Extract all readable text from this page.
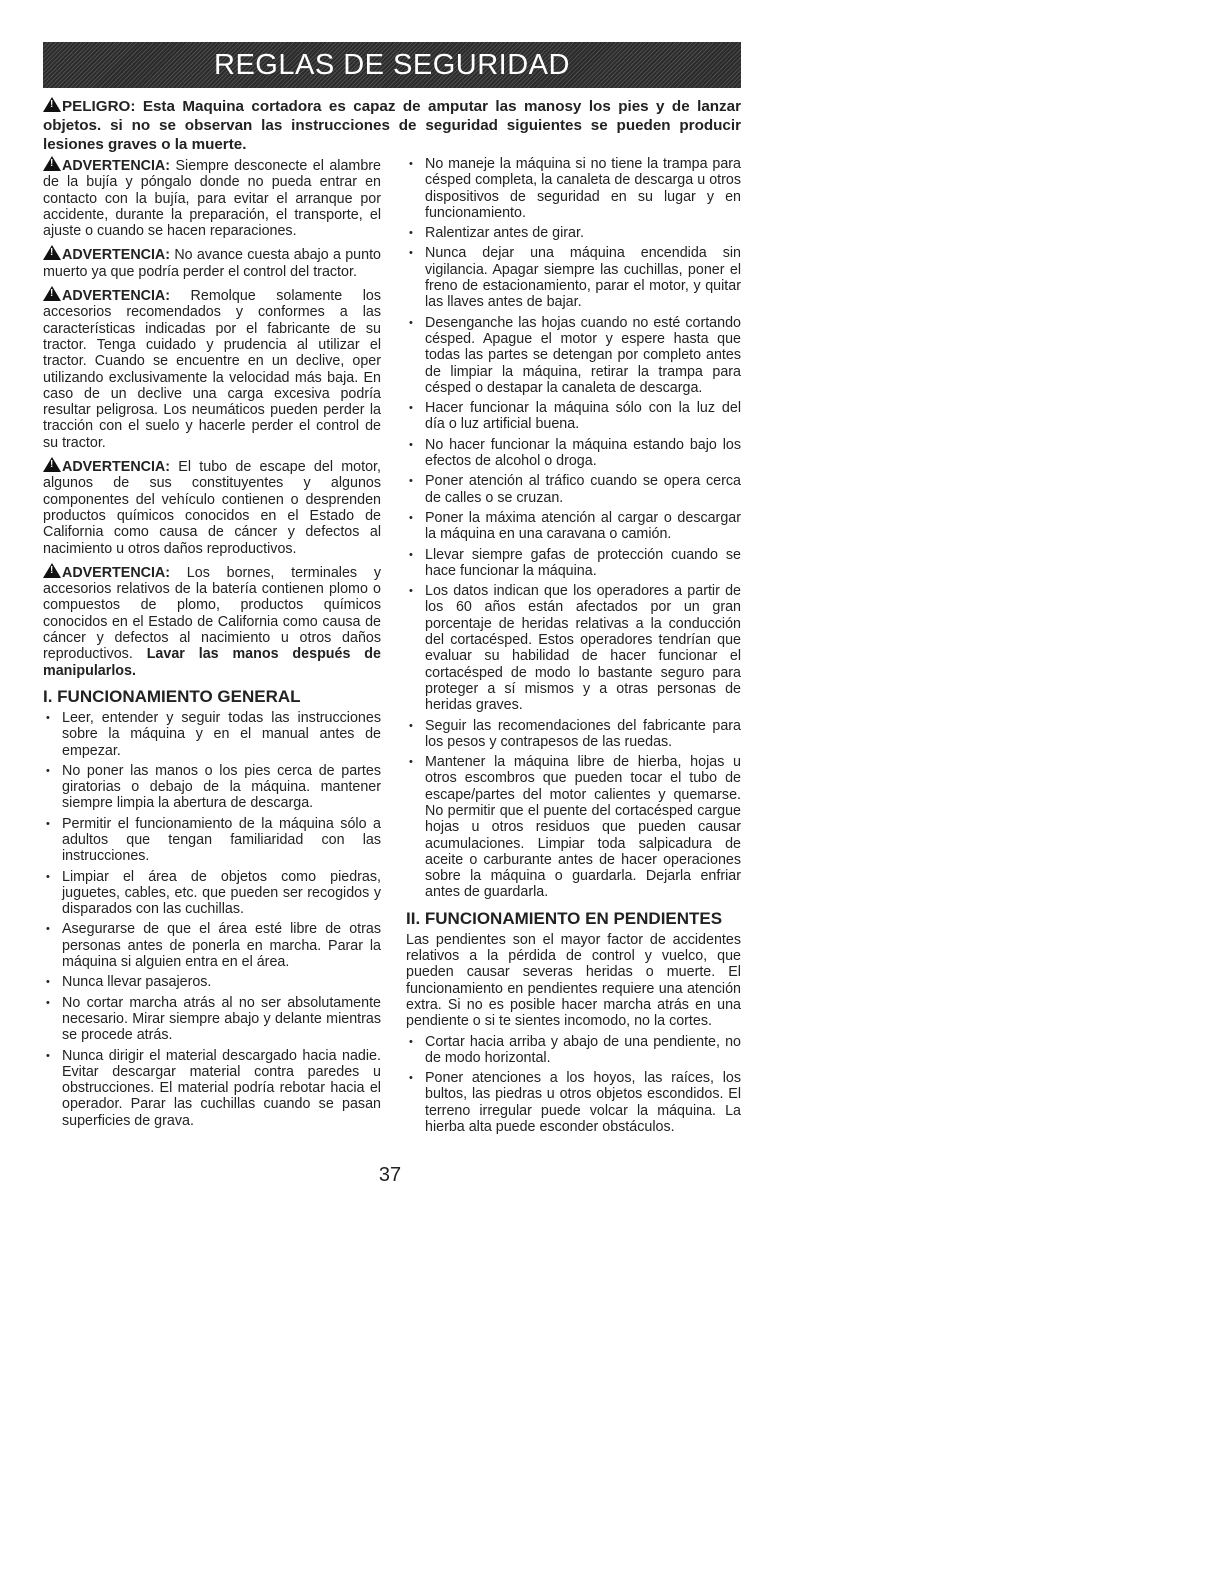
REGLAS DE SEGURIDAD

!PELIGRO: Esta Maquina cortadora es capaz de amputar las manosy los pies y de lanzar objetos. si no se observan las instrucciones de seguridad siguientes se pueden producir lesiones graves o la muerte.

!ADVERTENCIA: Siempre desconecte el alambre de la bujía y póngalo donde no pueda entrar en contacto con la bujía, para evitar el arranque por accidente, durante la preparación, el transporte, el ajuste o cuando se hacen reparaciones.

!ADVERTENCIA: No avance cuesta abajo a punto muerto ya que podría perder el control del tractor.

!ADVERTENCIA: Remolque solamente los accesorios recomendados y conformes a las características indicadas por el fabricante de su tractor. Tenga cuidado y prudencia al utilizar el tractor. Cuando se encuentre en un declive, oper utilizando exclusivamente la velocidad más baja. En caso de un declive una carga excesiva podría resultar peligrosa. Los neumáticos pueden perder la tracción con el suelo y hacerle perder el control de su tractor.

!ADVERTENCIA: El tubo de escape del motor, algunos de sus constituyentes y algunos componentes del vehículo contienen o desprenden productos químicos conocidos en el Estado de California como causa de cáncer y defectos al nacimiento u otros daños reproductivos.

!ADVERTENCIA: Los bornes, terminales y accesorios relativos de la batería contienen plomo o compuestos de plomo, productos químicos conocidos en el Estado de California como causa de cáncer y defectos al nacimiento u otros daños reproductivos. Lavar las manos después de manipularlos.

I. FUNCIONAMIENTO GENERAL
• Leer, entender y seguir todas las instrucciones sobre la máquina y en el manual antes de empezar.
• No poner las manos o los pies cerca de partes giratorias o debajo de la máquina. mantener siempre limpia la abertura de descarga.
• Permitir el funcionamiento de la máquina sólo a adultos que tengan familiaridad con las instrucciones.
• Limpiar el área de objetos como piedras, juguetes, cables, etc. que pueden ser recogidos y disparados con las cuchillas.
• Asegurarse de que el área esté libre de otras personas antes de ponerla en marcha. Parar la máquina si alguien entra en el área.
• Nunca llevar pasajeros.
• No cortar marcha atrás al no ser absolutamente necesario. Mirar siempre abajo y delante mientras se procede atrás.
• Nunca dirigir el material descargado hacia nadie. Evitar descargar material contra paredes u obstrucciones. El material podría rebotar hacia el operador. Parar las cuchillas cuando se pasan superficies de grava.
• No maneje la máquina si no tiene la trampa para césped completa, la canaleta de descarga u otros dispositivos de seguridad en su lugar y en funcionamiento.
• Ralentizar antes de girar.
• Nunca dejar una máquina encendida sin vigilancia. Apagar siempre las cuchillas, poner el freno de estacionamiento, parar el motor, y quitar las llaves antes de bajar.
• Desenganche las hojas cuando no esté cortando césped. Apague el motor y espere hasta que todas las partes se detengan por completo antes de limpiar la máquina, retirar la trampa para césped o destapar la canaleta de descarga.
• Hacer funcionar la máquina sólo con la luz del día o luz artificial buena.
• No hacer funcionar la máquina estando bajo los efectos de alcohol o droga.
• Poner atención al tráfico cuando se opera cerca de calles o se cruzan.
• Poner la máxima atención al cargar o descargar la máquina en una caravana o camión.
• Llevar siempre gafas de protección cuando se hace funcionar la máquina.
• Los datos indican que los operadores a partir de los 60 años están afectados por un gran porcentaje de heridas relativas a la conducción del cortacésped. Estos operadores tendrían que evaluar su habilidad de hacer funcionar el cortacésped de modo lo bastante seguro para proteger a sí mismos y a otras personas de heridas graves.
• Seguir las recomendaciones del fabricante para los pesos y contrapesos de las ruedas.
• Mantener la máquina libre de hierba, hojas u otros escombros que pueden tocar el tubo de escape/partes del motor calientes y quemarse. No permitir que el puente del cortacésped cargue hojas u otros residuos que pueden causar acumulaciones. Limpiar toda salpicadura de aceite o carburante antes de hacer operaciones sobre la máquina o guardarla. Dejarla enfriar antes de guardarla.
II. FUNCIONAMIENTO EN PENDIENTES

Las pendientes son el mayor factor de accidentes relativos a la pérdida de control y vuelco, que pueden causar severas heridas o muerte. El funcionamiento en pendientes requiere una atención extra. Si no es posible hacer marcha atrás en una pendiente o si te sientes incomodo, no la cortes.

• Cortar hacia arriba y abajo de una pendiente, no de modo horizontal.
• Poner atenciones a los hoyos, las raíces, los bultos, las piedras u otros objetos escondidos. El terreno irregular puede volcar la máquina. La hierba alta puede esconder obstáculos.
37
